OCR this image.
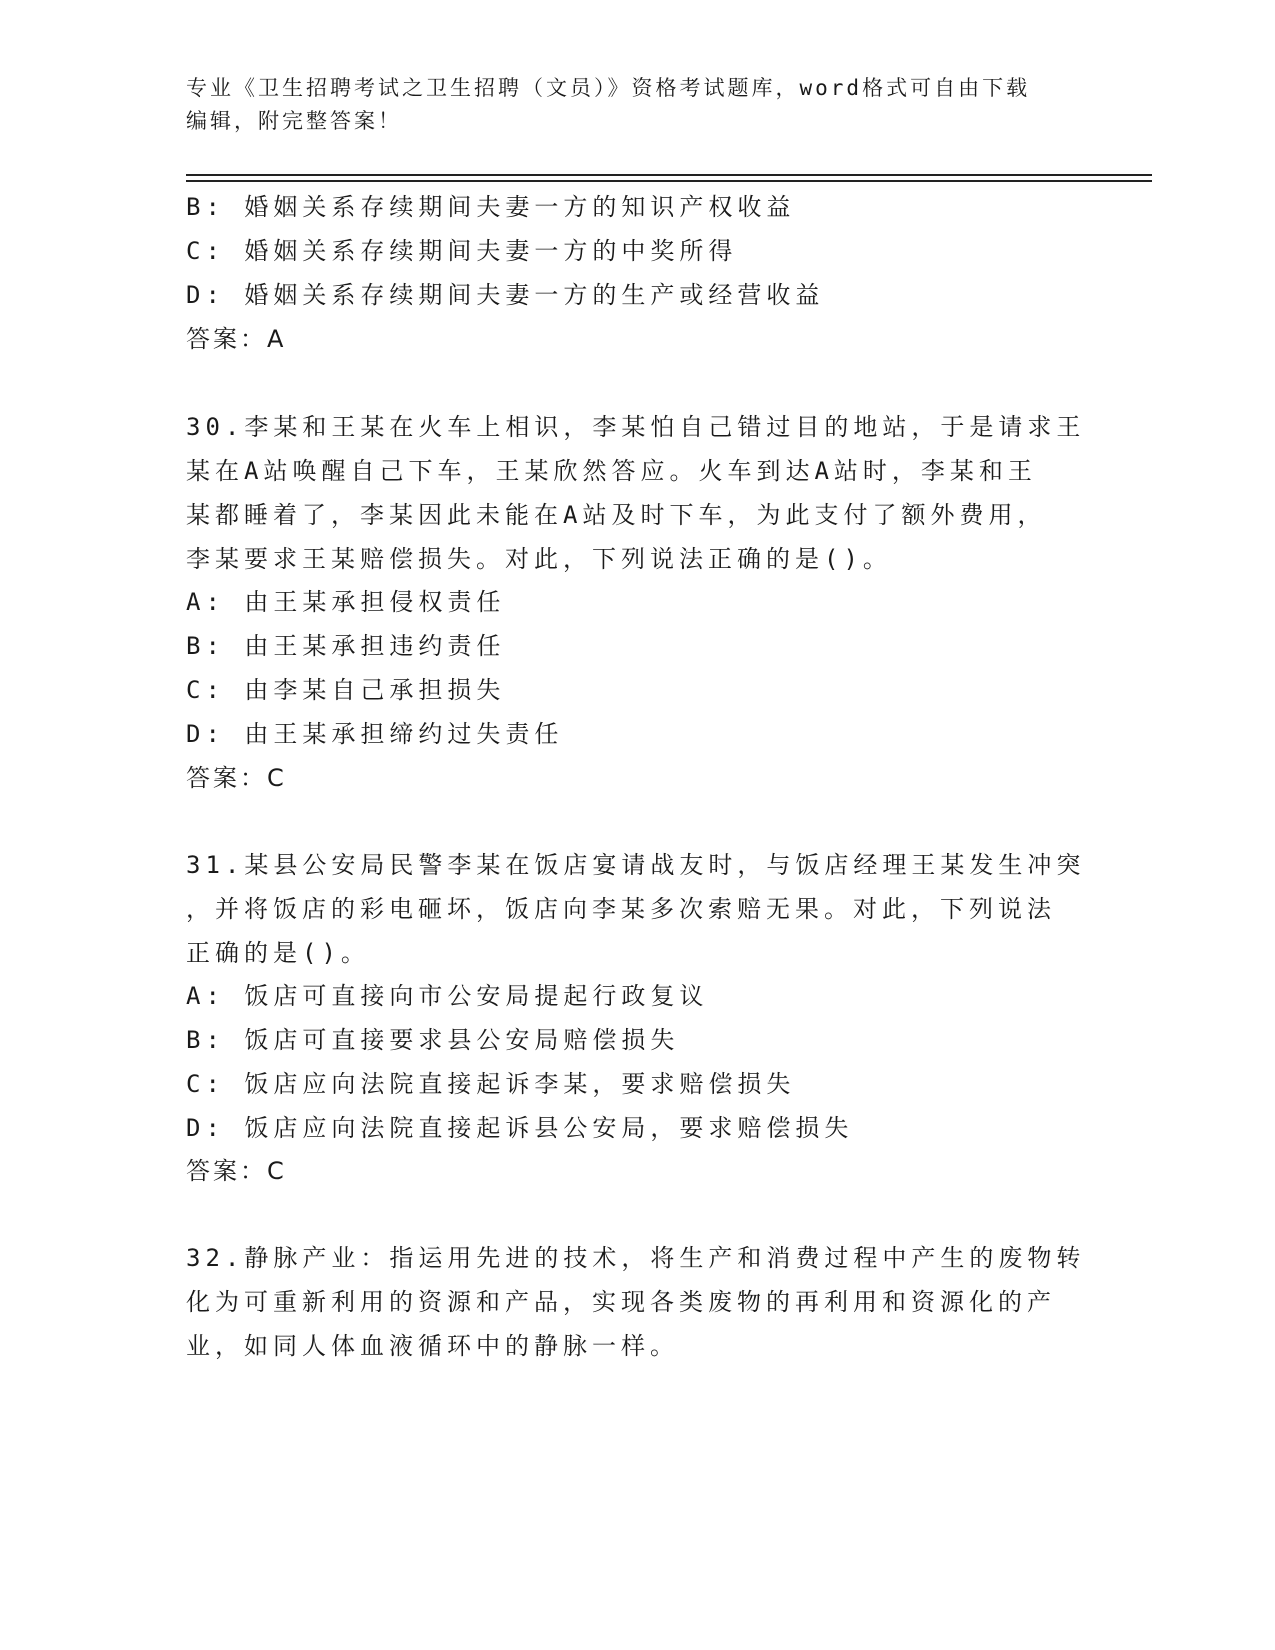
专业《卫生招聘考试之卫生招聘（文员）》资格考试题库，word格式可自由下载
编辑，附完整答案！
B: 婚姻关系存续期间夫妻一方的知识产权收益
C: 婚姻关系存续期间夫妻一方的中奖所得
D: 婚姻关系存续期间夫妻一方的生产或经营收益
答案：A
30.李某和王某在火车上相识，李某怕自己错过目的地站，于是请求王
某在A站唤醒自己下车，王某欣然答应。火车到达A站时，李某和王
某都睡着了，李某因此未能在A站及时下车，为此支付了额外费用，
李某要求王某赔偿损失。对此，下列说法正确的是()。
A: 由王某承担侵权责任
B: 由王某承担违约责任
C: 由李某自己承担损失
D: 由王某承担缔约过失责任
答案：C
31.某县公安局民警李某在饭店宴请战友时，与饭店经理王某发生冲突
，并将饭店的彩电砸坏，饭店向李某多次索赔无果。对此，下列说法
正确的是()。
A: 饭店可直接向市公安局提起行政复议
B: 饭店可直接要求县公安局赔偿损失
C: 饭店应向法院直接起诉李某，要求赔偿损失
D: 饭店应向法院直接起诉县公安局，要求赔偿损失
答案：C
32.静脉产业：指运用先进的技术，将生产和消费过程中产生的废物转
化为可重新利用的资源和产品，实现各类废物的再利用和资源化的产
业，如同人体血液循环中的静脉一样。
